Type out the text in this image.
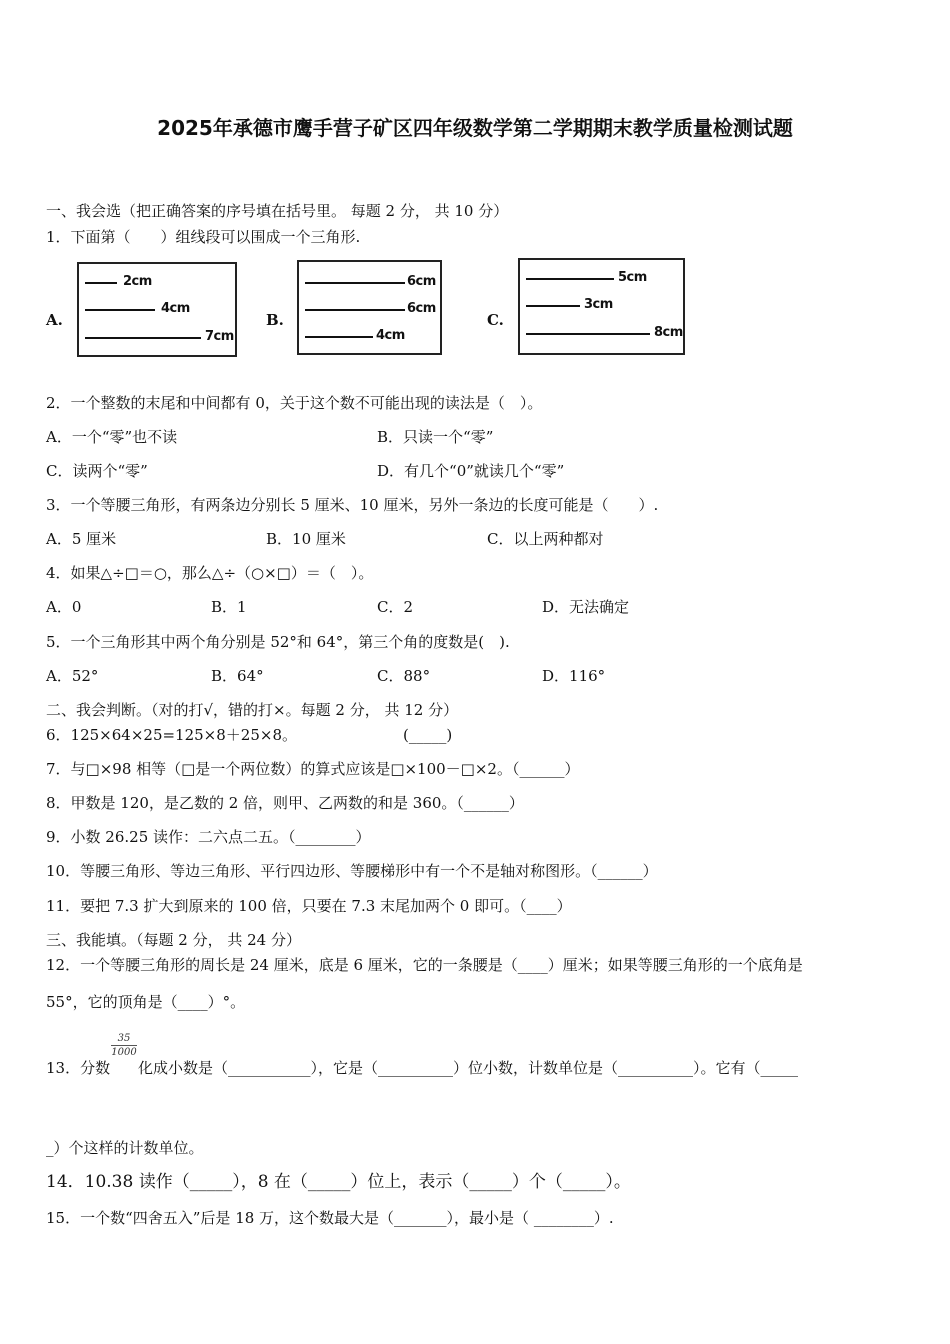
2025年承德市鹰手营子矿区四年级数学第二学期期末教学质量检测试题
一、我会选（把正确答案的序号填在括号里。 每题 2 分， 共 10 分）
1．下面第（　　）组线段可以围成一个三角形.
A.
2cm
4cm
7cm
B.
6cm
6cm
4cm
C.
5cm
3cm
8cm
2．一个整数的末尾和中间都有 0，关于这个数不可能出现的读法是（　）。
A．一个“零”也不读	B．只读一个“零”
C．读两个“零”	D．有几个“0”就读几个“零”
3．一个等腰三角形，有两条边分别长 5 厘米、10 厘米，另外一条边的长度可能是（　　）.
A．5 厘米	B．10 厘米	C．以上两种都对
4．如果△÷□＝○，那么△÷（○×□）＝（　）。
A．0	B．1	C．2	D．无法确定
5．一个三角形其中两个角分别是 52°和 64°，第三个角的度数是(　).
A．52°	B．64°	C．88°	D．116°
二、我会判断。（对的打√，错的打×。每题 2 分， 共 12 分）
6．125×64×25=125×8＋25×8。	(_____)
7．与□×98 相等（□是一个两位数）的算式应该是□×100－□×2。（______）
8．甲数是 120，是乙数的 2 倍，则甲、乙两数的和是 360。（______）
9．小数 26.25 读作：二六点二五。（________）
10．等腰三角形、等边三角形、平行四边形、等腰梯形中有一个不是轴对称图形。（______）
11．要把 7.3 扩大到原来的 100 倍，只要在 7.3 末尾加两个 0 即可。（____）
三、我能填。（每题 2 分， 共 24 分）
12．一个等腰三角形的周长是 24 厘米，底是 6 厘米，它的一条腰是（____）厘米；如果等腰三角形的一个底角是
55°，它的顶角是（____）°。
13．分数
35
1000
化成小数是（___________），它是（__________）位小数，计数单位是（__________）。它有（_____
_）个这样的计数单位。
14．10.38 读作（_____），8 在（_____）位上，表示（_____）个（_____）。
15．一个数“四舍五入”后是 18 万，这个数最大是（_______），最小是（ ________）.
